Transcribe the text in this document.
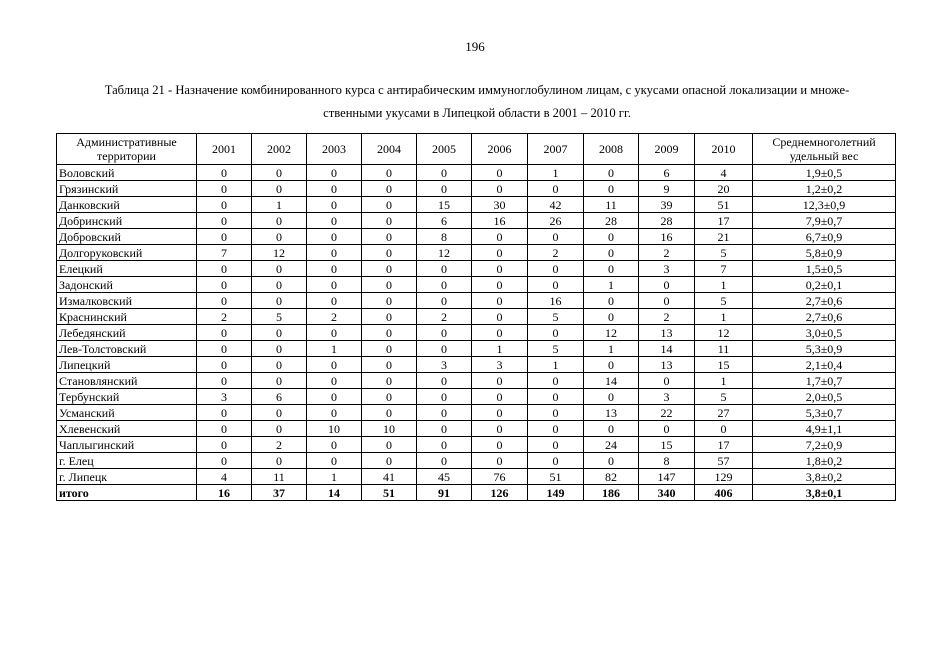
196
Таблица 21 - Назначение комбинированного курса с антирабическим иммуноглобулином лицам, с укусами опасной локализации и множе-
ственными укусами в Липецкой области в 2001 – 2010 гг.
Административные территории	2001	2002	2003	2004	2005	2006	2007	2008	2009	2010	Среднемноголетний удельный вес
Воловский	0	0	0	0	0	0	1	0	6	4	1,9±0,5
Грязинский	0	0	0	0	0	0	0	0	9	20	1,2±0,2
Данковский	0	1	0	0	15	30	42	11	39	51	12,3±0,9
Добринский	0	0	0	0	6	16	26	28	28	17	7,9±0,7
Добровский	0	0	0	0	8	0	0	0	16	21	6,7±0,9
Долгоруковский	7	12	0	0	12	0	2	0	2	5	5,8±0,9
Елецкий	0	0	0	0	0	0	0	0	3	7	1,5±0,5
Задонский	0	0	0	0	0	0	0	1	0	1	0,2±0,1
Измалковский	0	0	0	0	0	0	16	0	0	5	2,7±0,6
Краснинский	2	5	2	0	2	0	5	0	2	1	2,7±0,6
Лебедянский	0	0	0	0	0	0	0	12	13	12	3,0±0,5
Лев-Толстовский	0	0	1	0	0	1	5	1	14	11	5,3±0,9
Липецкий	0	0	0	0	3	3	1	0	13	15	2,1±0,4
Становлянский	0	0	0	0	0	0	0	14	0	1	1,7±0,7
Тербунский	3	6	0	0	0	0	0	0	3	5	2,0±0,5
Усманский	0	0	0	0	0	0	0	13	22	27	5,3±0,7
Хлевенский	0	0	10	10	0	0	0	0	0	0	4,9±1,1
Чаплыгинский	0	2	0	0	0	0	0	24	15	17	7,2±0,9
г. Елец	0	0	0	0	0	0	0	0	8	57	1,8±0,2
г. Липецк	4	11	1	41	45	76	51	82	147	129	3,8±0,2
итого	16	37	14	51	91	126	149	186	340	406	3,8±0,1
